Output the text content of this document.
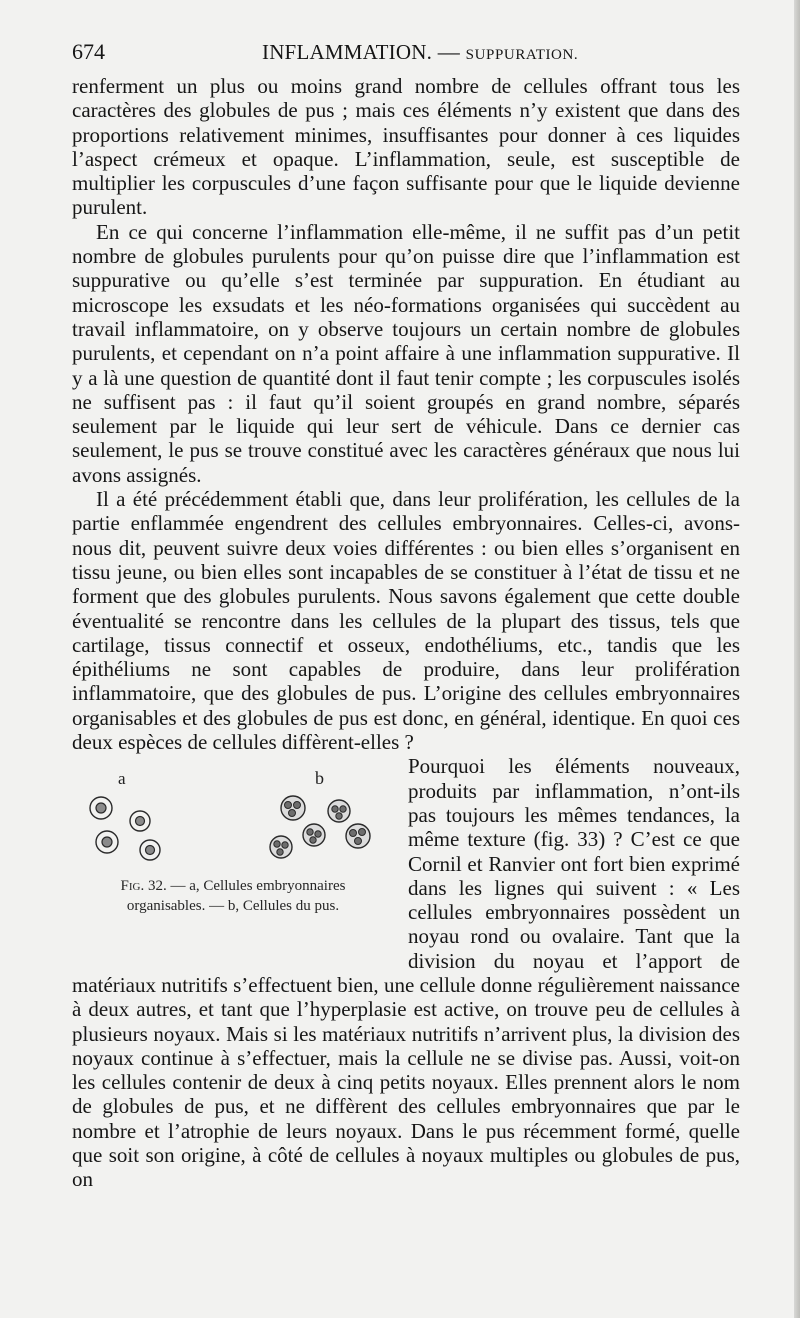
674	INFLAMMATION. — SUPPURATION.

renferment un plus ou moins grand nombre de cellules offrant tous les caractères des globules de pus ; mais ces éléments n’y existent que dans des proportions relativement minimes, insuffisantes pour donner à ces liquides l’aspect crémeux et opaque. L’inflammation, seule, est susceptible de multiplier les corpuscules d’une façon suffisante pour que le liquide devienne purulent.

En ce qui concerne l’inflammation elle-même, il ne suffit pas d’un petit nombre de globules purulents pour qu’on puisse dire que l’inflammation est suppurative ou qu’elle s’est terminée par suppuration. En étudiant au microscope les exsudats et les néo-formations organisées qui succèdent au travail inflammatoire, on y observe toujours un certain nombre de globules purulents, et cependant on n’a point affaire à une inflammation suppurative. Il y a là une question de quantité dont il faut tenir compte ; les corpuscules isolés ne suffisent pas : il faut qu’il soient groupés en grand nombre, séparés seulement par le liquide qui leur sert de véhicule. Dans ce dernier cas seulement, le pus se trouve constitué avec les caractères généraux que nous lui avons assignés.

Il a été précédemment établi que, dans leur prolifération, les cellules de la partie enflammée engendrent des cellules embryonnaires. Celles-ci, avons-nous dit, peuvent suivre deux voies différentes : ou bien elles s’organisent en tissu jeune, ou bien elles sont incapables de se constituer à l’état de tissu et ne forment que des globules purulents. Nous savons également que cette double éventualité se rencontre dans les cellules de la plupart des tissus, tels que cartilage, tissus connectif et osseux, endothéliums, etc., tandis que les épithéliums ne sont capables de produire, dans leur prolifération inflammatoire, que des globules de pus. L’origine des cellules embryonnaires organisables et des globules de pus est donc, en général, identique. En quoi ces deux espèces de cellules diffèrent-elles ?

a	b
Fig. 32. — a, Cellules embryonnaires organisables. — b, Cellules du pus.

Pourquoi les éléments nouveaux, produits par inflammation, n’ont-ils pas toujours les mêmes tendances, la même texture (fig. 33) ? C’est ce que Cornil et Ranvier ont fort bien exprimé dans les lignes qui suivent : « Les cellules embryonnaires possèdent un noyau rond ou ovalaire. Tant que la division du noyau et l’apport de matériaux nutritifs s’effectuent bien, une cellule donne régulièrement naissance à deux autres, et tant que l’hyperplasie est active, on trouve peu de cellules à plusieurs noyaux. Mais si les matériaux nutritifs n’arrivent plus, la division des noyaux continue à s’effectuer, mais la cellule ne se divise pas. Aussi, voit-on les cellules contenir de deux à cinq petits noyaux. Elles prennent alors le nom de globules de pus, et ne diffèrent des cellules embryonnaires que par le nombre et l’atrophie de leurs noyaux. Dans le pus récemment formé, quelle que soit son origine, à côté de cellules à noyaux multiples ou globules de pus, on
